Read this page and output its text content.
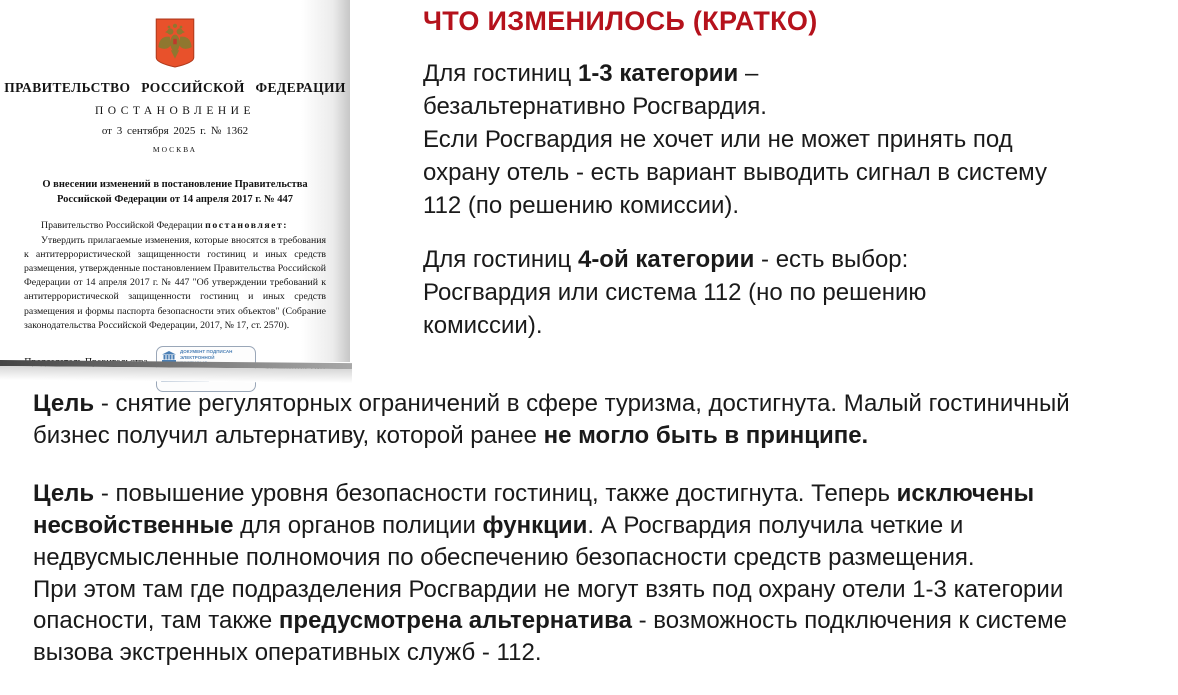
ПРАВИТЕЛЬСТВО РОССИЙСКОЙ ФЕДЕРАЦИИ
ПОСТАНОВЛЕНИЕ
от 3 сентября 2025 г. № 1362
МОСКВА
О внесении изменений в постановление Правительства
Российской Федерации от 14 апреля 2017 г. № 447

Правительство Российской Федерации постановляет:

Утвердить прилагаемые изменения, которые вносятся в требования к антитеррористической защищенности гостиниц и иных средств размещения, утвержденные постановлением Правительства Российской Федерации от 14 апреля 2017 г. № 447 "Об утверждении требований к антитеррористической защищенности гостиниц и иных средств размещения и формы паспорта безопасности этих объектов" (Собрание законодательства Российской Федерации, 2017, № 17, ст. 2570).

ДОКУМЕНТ ПОДПИСАН
ЭЛЕКТРОННОЙ
ЧТО ИЗМЕНИЛОСЬ (КРАТКО)

Для гостиниц 1-3 категории –
безальтернативно Росгвардия.
Если Росгвардия не хочет или не может принять под
охрану отель - есть вариант выводить сигнал в систему
112 (по решению комиссии).

Для гостиниц 4-ой категории - есть выбор:
Росгвардия или система 112 (но по решению
комиссии).

Цель - снятие регуляторных ограничений в сфере туризма, достигнута. Малый гостиничный
бизнес получил альтернативу, которой ранее не могло быть в принципе.

Цель - повышение уровня безопасности гостиниц, также достигнута. Теперь исключены
несвойственные для органов полиции функции. А Росгвардия получила четкие и
недвусмысленные полномочия по обеспечению безопасности средств размещения.
При этом там где подразделения Росгвардии не могут взять под охрану отели 1-3 категории
опасности, там также предусмотрена альтернатива - возможность подключения к системе
вызова экстренных оперативных служб - 112.
